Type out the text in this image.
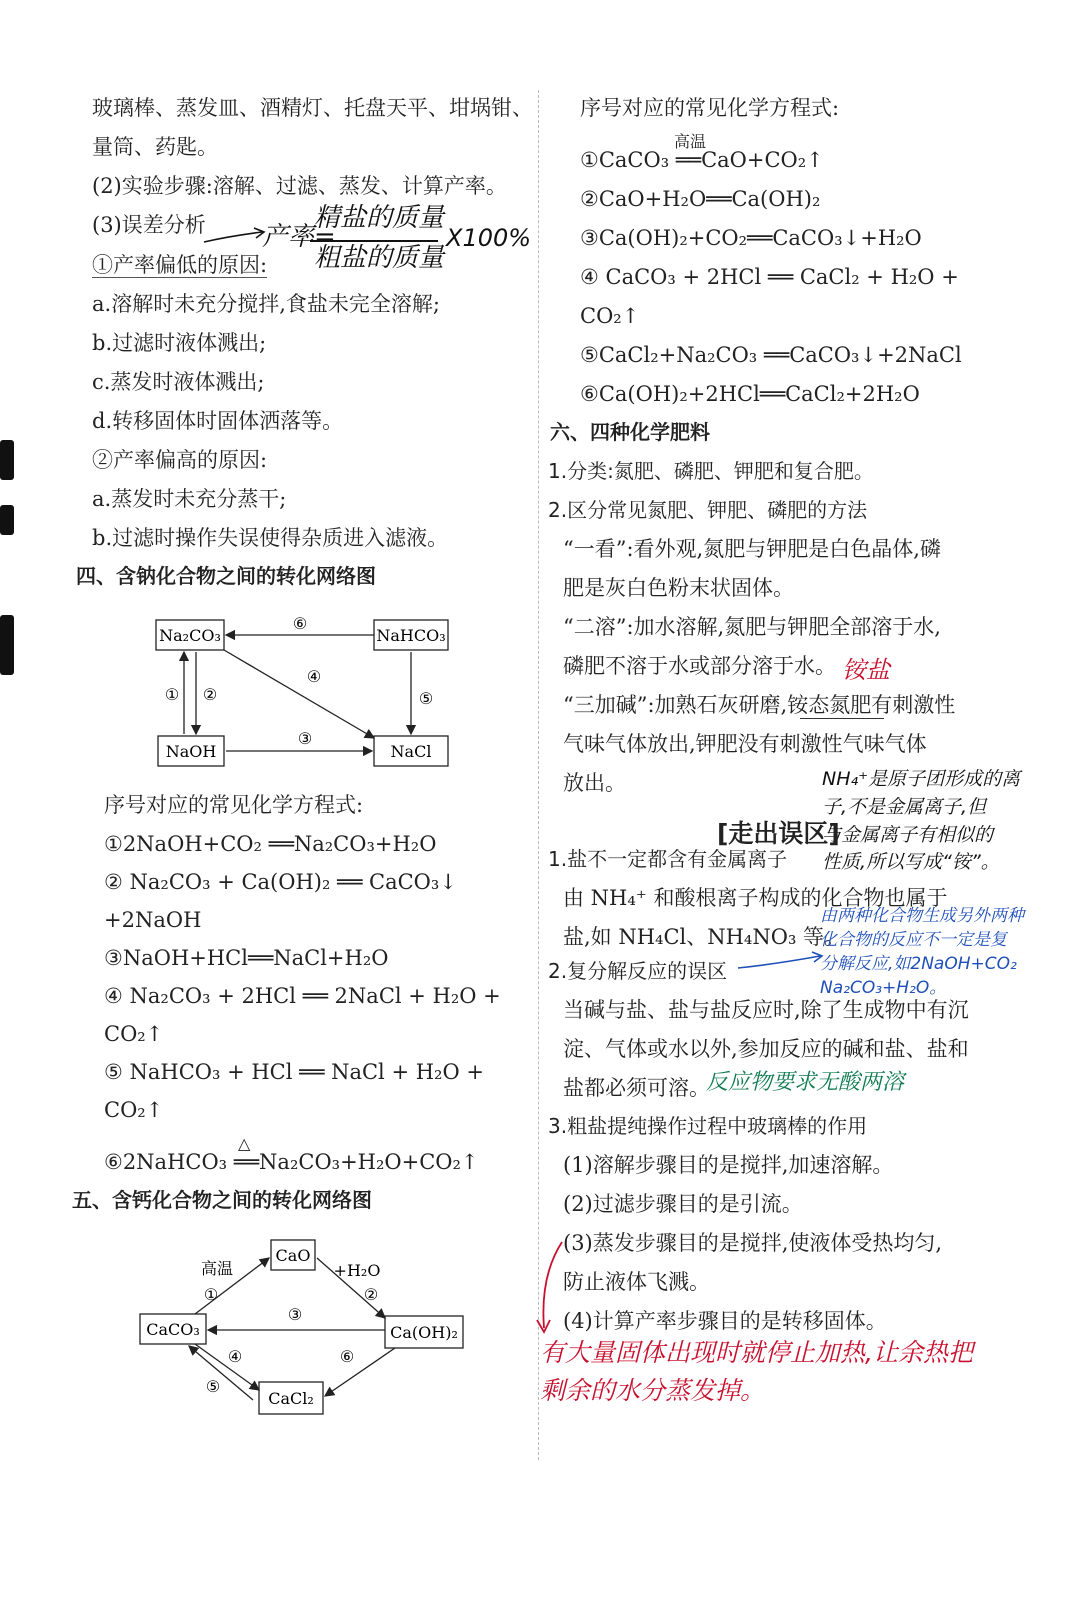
玻璃棒、蒸发皿、酒精灯、托盘天平、坩埚钳、
量筒、药匙。
(2)实验步骤:溶解、过滤、蒸发、计算产率。
(3)误差分析 产率=
精盐的质量
粗盐的质量
X100%
①产率偏低的原因:
a.溶解时未充分搅拌,食盐未完全溶解;
b.过滤时液体溅出;
c.蒸发时液体溅出;
d.转移固体时固体洒落等。
②产率偏高的原因:
a.蒸发时未充分蒸干;
b.过滤时操作失误使得杂质进入滤液。
四、含钠化合物之间的转化网络图
Na₂CO₃	NaHCO₃
NaOH	NaCl
⑥
① ②
④
⑤
③
序号对应的常见化学方程式:
①2NaOH+CO₂ ══Na₂CO₃+H₂O
② Na₂CO₃ + Ca(OH)₂ ══ CaCO₃↓
+2NaOH
③NaOH+HCl══NaCl+H₂O
④ Na₂CO₃ + 2HCl ══ 2NaCl + H₂O +
CO₂↑
⑤ NaHCO₃ + HCl ══ NaCl + H₂O +
CO₂↑
△
⑥2NaHCO₃ ══Na₂CO₃+H₂O+CO₂↑
五、含钙化合物之间的转化网络图
CaO
CaCO₃	Ca(OH)₂
CaCl₂
高温
①
+H₂O
②
③
④
⑤
⑥
序号对应的常见化学方程式:
高温
①CaCO₃ ══CaO+CO₂↑
②CaO+H₂O══Ca(OH)₂
③Ca(OH)₂+CO₂══CaCO₃↓+H₂O
④ CaCO₃ + 2HCl ══ CaCl₂ + H₂O +
CO₂↑
⑤CaCl₂+Na₂CO₃ ══CaCO₃↓+2NaCl
⑥Ca(OH)₂+2HCl══CaCl₂+2H₂O
六、四种化学肥料
1.分类:氮肥、磷肥、钾肥和复合肥。
2.区分常见氮肥、钾肥、磷肥的方法
“一看”:看外观,氮肥与钾肥是白色晶体,磷
肥是灰白色粉末状固体。
“二溶”:加水溶解,氮肥与钾肥全部溶于水,
磷肥不溶于水或部分溶于水。 铵盐
“三加碱”:加熟石灰研磨,铵态氮肥有刺激性
气味气体放出,钾肥没有刺激性气味气体
放出。	NH₄⁺是原子团形成的离
子,不是金属离子,但
与金属离子有相似的
性质,所以写成“铵”。
[走出误区]
1.盐不一定都含有金属离子
由 NH₄⁺ 和酸根离子构成的化合物也属于
盐,如 NH₄Cl、NH₄NO₃ 等。
由两种化合物生成另外两种
化合物的反应不一定是复
分解反应,如2NaOH+CO₂
Na₂CO₃+H₂O。
2.复分解反应的误区
当碱与盐、盐与盐反应时,除了生成物中有沉
淀、气体或水以外,参加反应的碱和盐、盐和
盐都必须可溶。
反应物要求无酸两溶
3.粗盐提纯操作过程中玻璃棒的作用
(1)溶解步骤目的是搅拌,加速溶解。
(2)过滤步骤目的是引流。
(3)蒸发步骤目的是搅拌,使液体受热均匀,
防止液体飞溅。
(4)计算产率步骤目的是转移固体。
有大量固体出现时就停止加热,让余热把
剩余的水分蒸发掉。
